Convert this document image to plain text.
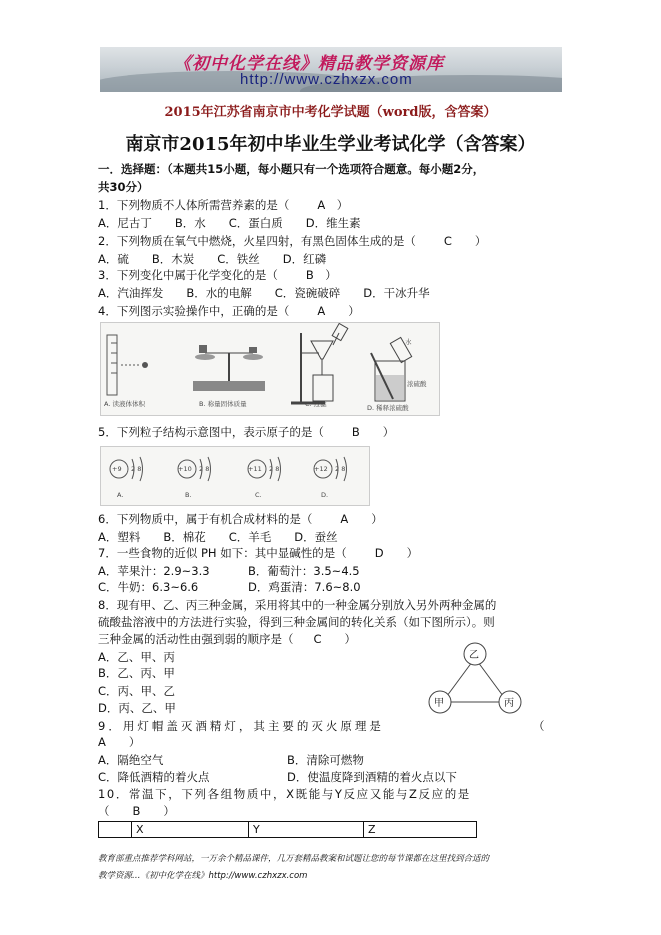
《初中化学在线》精品教学资源库
http://www.czhxzx.com
2015年江苏省南京市中考化学试题（word版，含答案）
南京市2015年初中毕业生学业考试化学（含答案）
一．选择题：（本题共15小题，每小题只有一个选项符合题意。每小题2分，
共30分）
1．下列物质不人体所需营养素的是（ A　）
A．尼古丁　　B．水　　C．蛋白质　　D．维生素
2．下列物质在氧气中燃烧，火星四射，有黑色固体生成的是（ C　　）
A．硫　　B．木炭　　C．铁丝　　D．红磷
3．下列变化中属于化学变化的是（ B　）
A．汽油挥发　　B．水的电解　　C．瓷碗破碎　　D．干冰升华
4．下列图示实验操作中，正确的是（ A　　）
A. 读液体体积	B. 称量固体质量	C. 过滤	D. 稀释浓硫酸
浓硫酸
水
5．下列粒子结构示意图中，表示原子的是（ B　　）
+9	+10	+11	+12
2 8	2 8	2 8	2 8
A.	B.	C.	D.
6．下列物质中，属于有机合成材料的是（ A　　）
A．塑料　　B．棉花　　C．羊毛　　D．蚕丝
7．一些食物的近似 PH 如下：其中显碱性的是（ D　　）
A．苹果汁：2.9~3.3	B．葡萄汁：3.5~4.5
C．牛奶：6.3~6.6	D．鸡蛋清：7.6~8.0
8．现有甲、乙、丙三种金属，采用将其中的一种金属分别放入另外两种金属的
硫酸盐溶液中的方法进行实验，得到三种金属间的转化关系（如下图所示）。则
三种金属的活动性由强到弱的顺序是（ C　　）
A．乙、甲、丙
B．乙、丙、甲
C．丙、甲、乙
D．丙、乙、甲
乙
甲	丙
9．用灯帽盖灭酒精灯，其主要的灭火原理是	（
A　　）
A．隔绝空气	B．清除可燃物
C．降低酒精的着火点	D．使温度降到酒精的着火点以下
10．常温下，下列各组物质中，X既能与Y反应又能与Z反应的是
（　　B　　）
	X	Y	Z
教育部重点推荐学科网站，一万余个精品课件，几万套精品教案和试题让您的每节课都在这里找到合适的
教学资源…《初中化学在线》http://www.czhxzx.com
